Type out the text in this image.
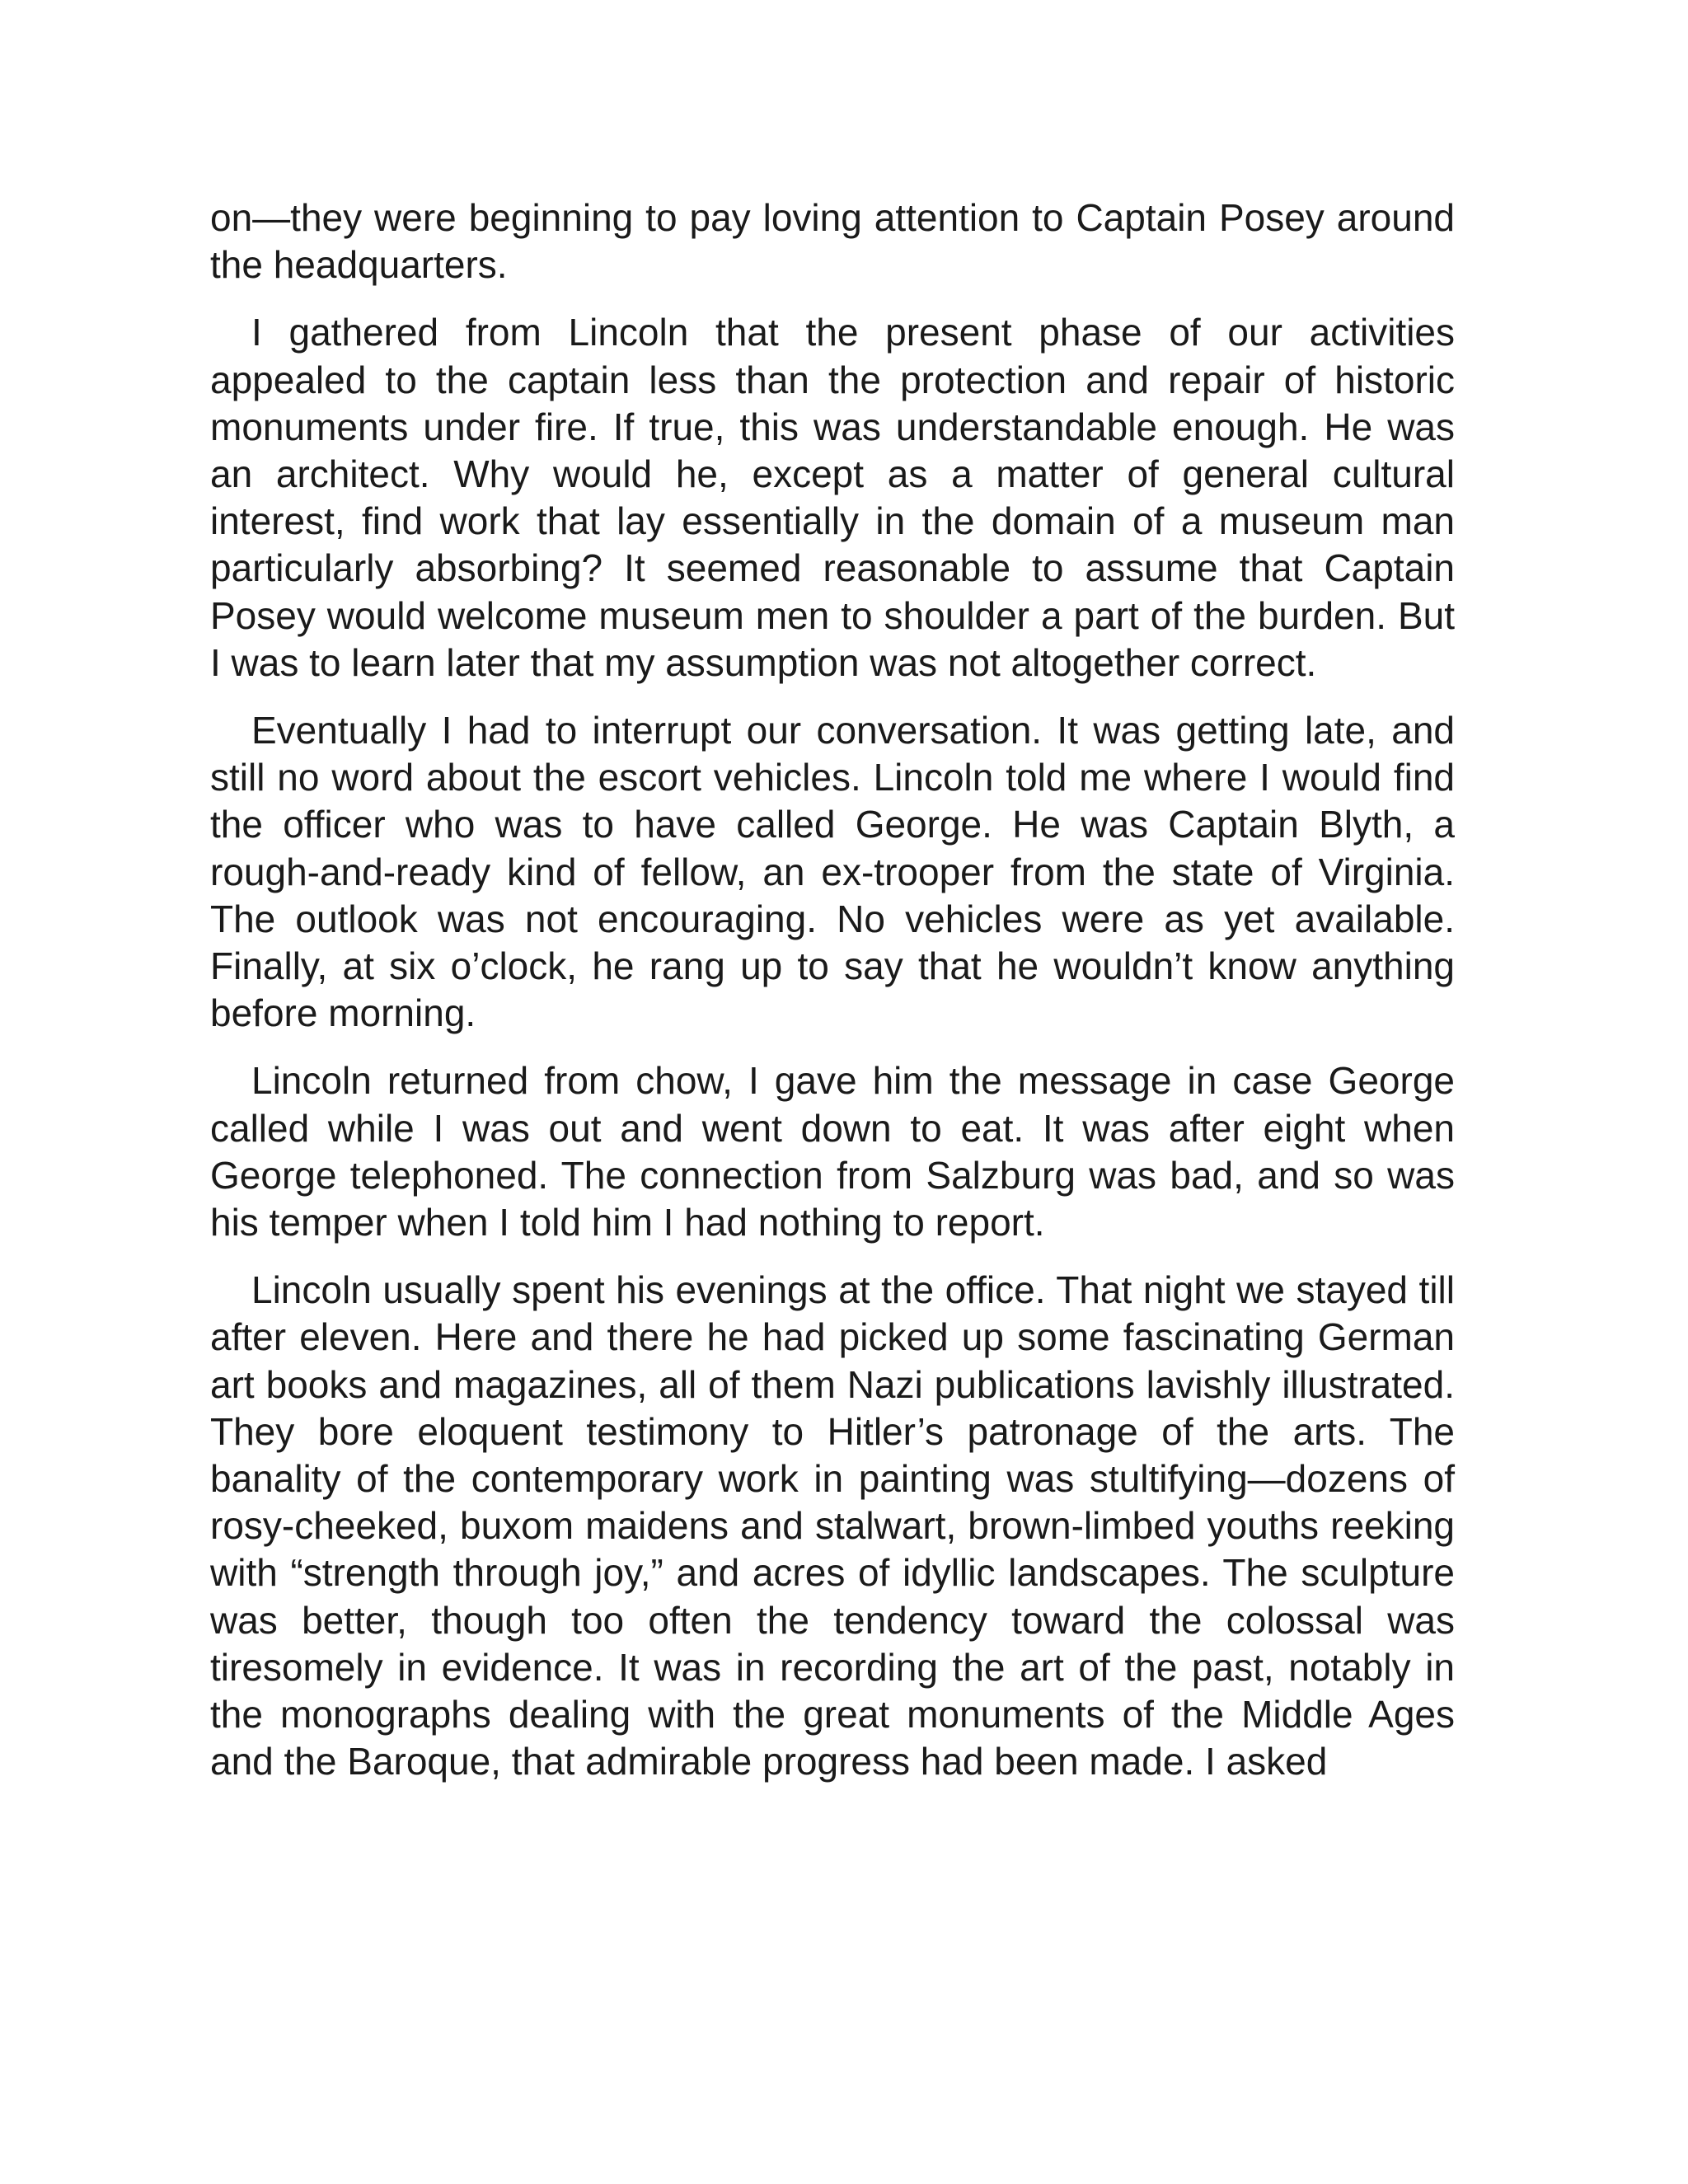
on—they were beginning to pay loving attention to Captain Posey around the headquarters.

I gathered from Lincoln that the present phase of our activities appealed to the captain less than the protection and repair of historic monuments under fire. If true, this was understandable enough. He was an architect. Why would he, except as a matter of general cultural interest, find work that lay essentially in the domain of a museum man particularly absorbing? It seemed reasonable to assume that Captain Posey would welcome museum men to shoulder a part of the burden. But I was to learn later that my assumption was not altogether correct.

Eventually I had to interrupt our conversation. It was getting late, and still no word about the escort vehicles. Lincoln told me where I would find the officer who was to have called George. He was Captain Blyth, a rough-and-ready kind of fellow, an ex-trooper from the state of Virginia. The outlook was not encouraging. No vehicles were as yet available. Finally, at six o’clock, he rang up to say that he wouldn’t know anything before morning.

Lincoln returned from chow, I gave him the message in case George called while I was out and went down to eat. It was after eight when George telephoned. The connection from Salzburg was bad, and so was his temper when I told him I had nothing to report.

Lincoln usually spent his evenings at the office. That night we stayed till after eleven. Here and there he had picked up some fascinating German art books and magazines, all of them Nazi publications lavishly illustrated. They bore eloquent testimony to Hitler’s patronage of the arts. The banality of the contemporary work in painting was stultifying—dozens of rosy-cheeked, buxom maidens and stalwart, brown-limbed youths reeking with “strength through joy,” and acres of idyllic landscapes. The sculpture was better, though too often the tendency toward the colossal was tiresomely in evidence. It was in recording the art of the past, notably in the monographs dealing with the great monuments of the Middle Ages and the Baroque, that admirable progress had been made. I asked
